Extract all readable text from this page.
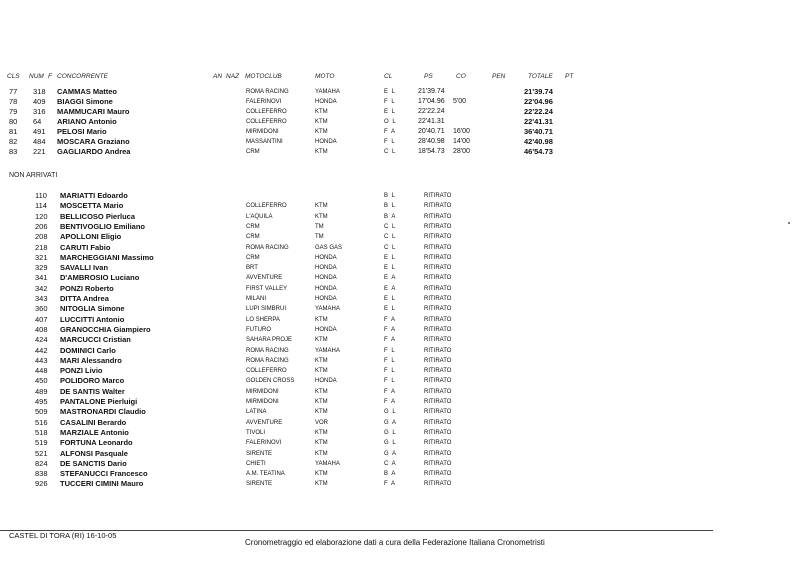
CLS NUM F CONCORRENTE	AN NAZ MOTOCLUB	MOTO	CL	PS	CO	PEN	TOTALE PT
77 318 CAMMAS Matteo	ROMA RACING	YAMAHA	E L	21'39.74	21'39.74
78 409 BIAGGI Simone	FALERINOVI	HONDA	F L	17'04.96 5'00	22'04.96
79 316 MAMMUCARI Mauro	COLLEFERRO	KTM	E L	22'22.24	22'22.24
80 64 ARIANO Antonio	COLLEFERRO	KTM	O L	22'41.31	22'41.31
81 491 PELOSI Mario	MIRMIDONI	KTM	F A	20'40.71 16'00	36'40.71
82 484 MOSCARA Graziano	MASSANTINI	HONDA	F L	28'40.98 14'00	42'40.98
83 221 GAGLIARDO Andrea	CRM	KTM	C L	18'54.73 28'00	46'54.73
NON ARRIVATI
110 MARIATTI Edoardo	B L	RITIRATO
114 MOSCETTA Mario	COLLEFERRO	KTM	B L	RITIRATO
120 BELLICOSO Pierluca	L'AQUILA	KTM	B A	RITIRATO
206 BENTIVOGLIO Emiliano	CRM	TM	C L	RITIRATO
208 APOLLONI Eligio	CRM	TM	C L	RITIRATO
218 CARUTI Fabio	ROMA RACING	GAS GAS	C L	RITIRATO
321 MARCHEGGIANI Massimo	CRM	HONDA	E L	RITIRATO
329 SAVALLI Ivan	BRT	HONDA	E L	RITIRATO
341 D'AMBROSIO Luciano	AVVENTURE	HONDA	E A	RITIRATO
342 PONZI Roberto	FIRST VALLEY	HONDA	E A	RITIRATO
343 DITTA Andrea	MILANI	HONDA	E L	RITIRATO
360 NITOGLIA Simone	LUPI SIMBRUI	YAMAHA	E L	RITIRATO
407 LUCCITTI Antonio	LO SHERPA	KTM	F A	RITIRATO
408 GRANOCCHIA Giampiero	FUTURO	HONDA	F A	RITIRATO
424 MARCUCCI Cristian	SAHARA PROJE	KTM	F A	RITIRATO
442 DOMINICI Carlo	ROMA RACING	YAMAHA	F L	RITIRATO
443 MARI Alessandro	ROMA RACING	KTM	F L	RITIRATO
448 PONZI Livio	COLLEFERRO	KTM	F L	RITIRATO
450 POLIDORO Marco	GOLDEN CROSS	HONDA	F L	RITIRATO
489 DE SANTIS Walter	MIRMIDONI	KTM	F A	RITIRATO
495 PANTALONE Pierluigi	MIRMIDONI	KTM	F A	RITIRATO
509 MASTRONARDI Claudio	LATINA	KTM	G L	RITIRATO
516 CASALINI Berardo	AVVENTURE	VOR	G A	RITIRATO
518 MARZIALE Antonio	TIVOLI	KTM	G L	RITIRATO
519 FORTUNA Leonardo	FALERINOVI	KTM	G L	RITIRATO
521 ALFONSI Pasquale	SIRENTE	KTM	G A	RITIRATO
824 DE SANCTIS Dario	CHIETI	YAMAHA	C A	RITIRATO
838 STEFANUCCI Francesco	A.M. TEATINA	KTM	B A	RITIRATO
926 TUCCERI CIMINI Mauro	SIRENTE	KTM	F A	RITIRATO
CASTEL DI TORA (RI) 16-10-05
Cronometraggio ed elaborazione dati a cura della Federazione Italiana Cronometristi
